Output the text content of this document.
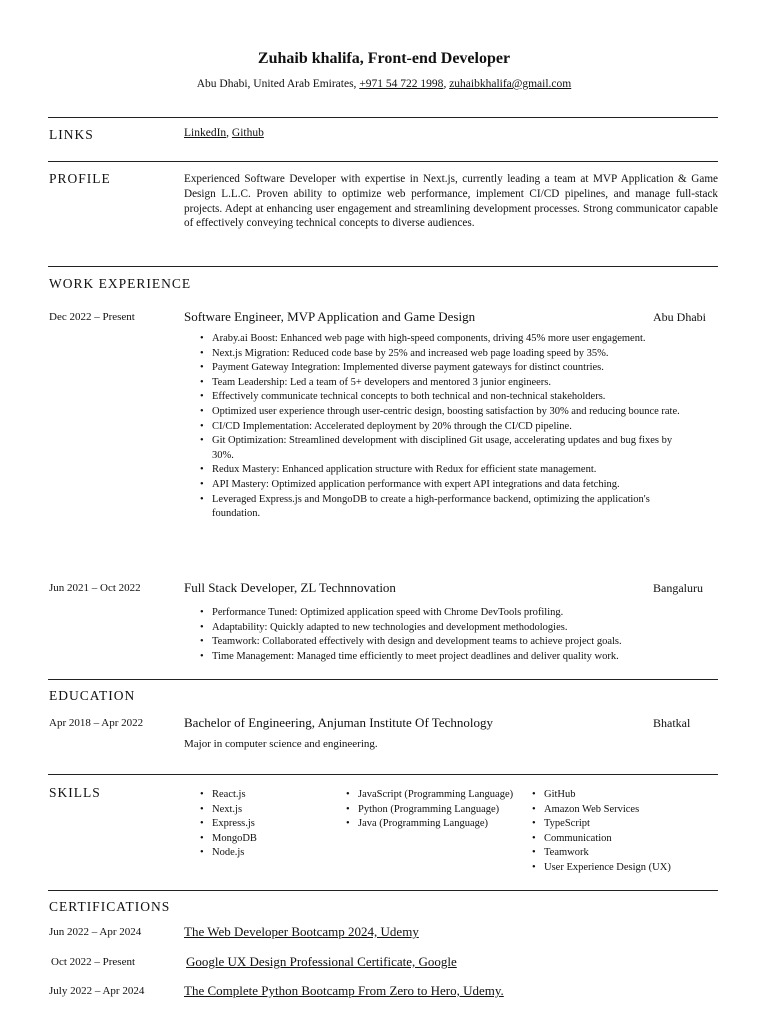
Zuhaib khalifa, Front-end Developer
Abu Dhabi, United Arab Emirates, +971 54 722 1998, zuhaibkhalifa@gmail.com
LINKS	LinkedIn, Github
PROFILE	Experienced Software Developer with expertise in Next.js, currently leading a team at MVP Application & Game Design L.L.C. Proven ability to optimize web performance, implement CI/CD pipelines, and manage full-stack projects. Adept at enhancing user engagement and streamlining development processes. Strong communicator capable of effectively conveying technical concepts to diverse audiences.
WORK EXPERIENCE
Dec 2022 – Present	Software Engineer, MVP Application and Game Design	Abu Dhabi
• Araby.ai Boost: Enhanced web page with high-speed components, driving 45% more user engagement.
• Next.js Migration: Reduced code base by 25% and increased web page loading speed by 35%.
• Payment Gateway Integration: Implemented diverse payment gateways for distinct countries.
• Team Leadership: Led a team of 5+ developers and mentored 3 junior engineers.
• Effectively communicate technical concepts to both technical and non-technical stakeholders.
• Optimized user experience through user-centric design, boosting satisfaction by 30% and reducing bounce rate.
• CI/CD Implementation: Accelerated deployment by 20% through the CI/CD pipeline.
• Git Optimization: Streamlined development with disciplined Git usage, accelerating updates and bug fixes by 30%.
• Redux Mastery: Enhanced application structure with Redux for efficient state management.
• API Mastery: Optimized application performance with expert API integrations and data fetching.
• Leveraged Express.js and MongoDB to create a high-performance backend, optimizing the application's foundation.
Jun 2021 – Oct 2022	Full Stack Developer, ZL Technnovation	Bangaluru
• Performance Tuned: Optimized application speed with Chrome DevTools profiling.
• Adaptability: Quickly adapted to new technologies and development methodologies.
• Teamwork: Collaborated effectively with design and development teams to achieve project goals.
• Time Management: Managed time efficiently to meet project deadlines and deliver quality work.
EDUCATION
Apr 2018 – Apr 2022	Bachelor of Engineering, Anjuman Institute Of Technology	Bhatkal
Major in computer science and engineering.
SKILLS
•	React.js
• Next.js
• Express.js
• MongoDB
• Node.js
• JavaScript (Programming Language)
• Python (Programming Language)
• Java (Programming Language)
• GitHub
• Amazon Web Services
• TypeScript
• Communication
• Teamwork
• User Experience Design (UX)
CERTIFICATIONS
Jun 2022 – Apr 2024	The Web Developer Bootcamp 2024, Udemy
Oct 2022 – Present	Google UX Design Professional Certificate, Google
July 2022 – Apr 2024	The Complete Python Bootcamp From Zero to Hero, Udemy.
